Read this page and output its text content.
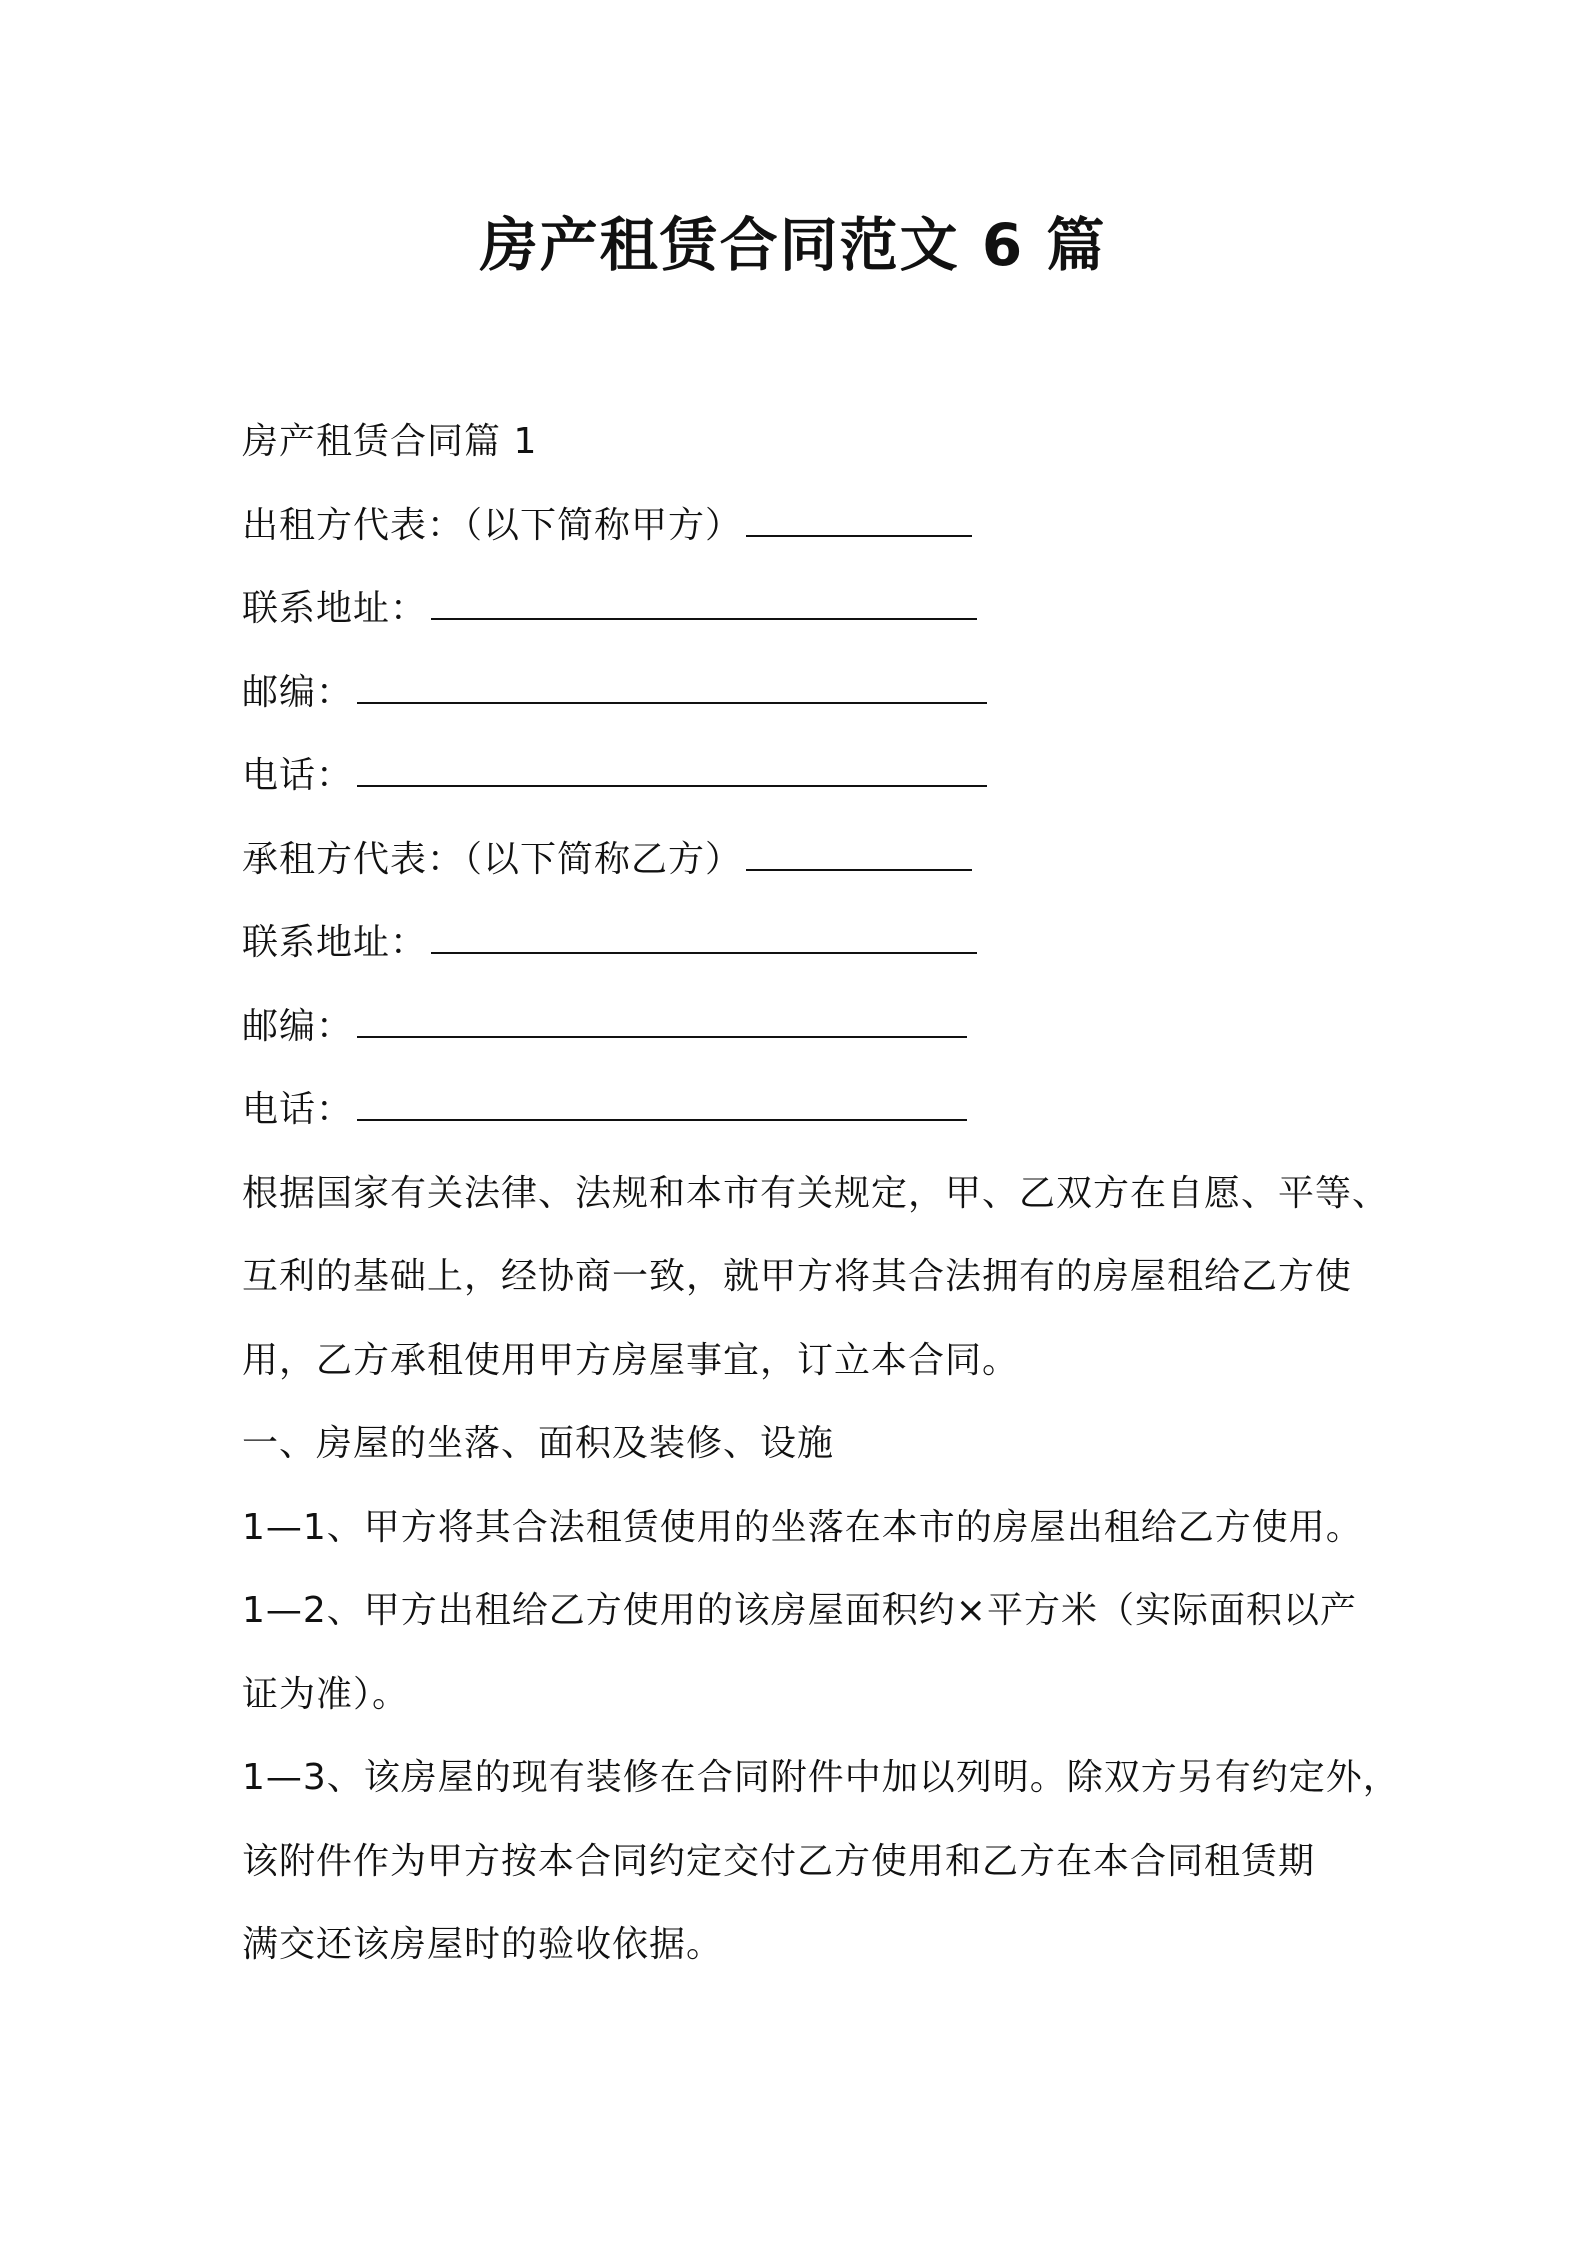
房产租赁合同范文 6 篇

房产租赁合同篇 1

出租方代表：（以下简称甲方）

联系地址：

邮编：

电话：

承租方代表：（以下简称乙方）

联系地址：

邮编：

电话：

根据国家有关法律、法规和本市有关规定，甲、乙双方在自愿、平等、

互利的基础上，经协商一致，就甲方将其合法拥有的房屋租给乙方使

用，乙方承租使用甲方房屋事宜，订立本合同。

一、房屋的坐落、面积及装修、设施

1—1、甲方将其合法租赁使用的坐落在本市的房屋出租给乙方使用。

1—2、甲方出租给乙方使用的该房屋面积约×平方米（实际面积以产

证为准）。

1—3、该房屋的现有装修在合同附件中加以列明。除双方另有约定外，

该附件作为甲方按本合同约定交付乙方使用和乙方在本合同租赁期

满交还该房屋时的验收依据。
